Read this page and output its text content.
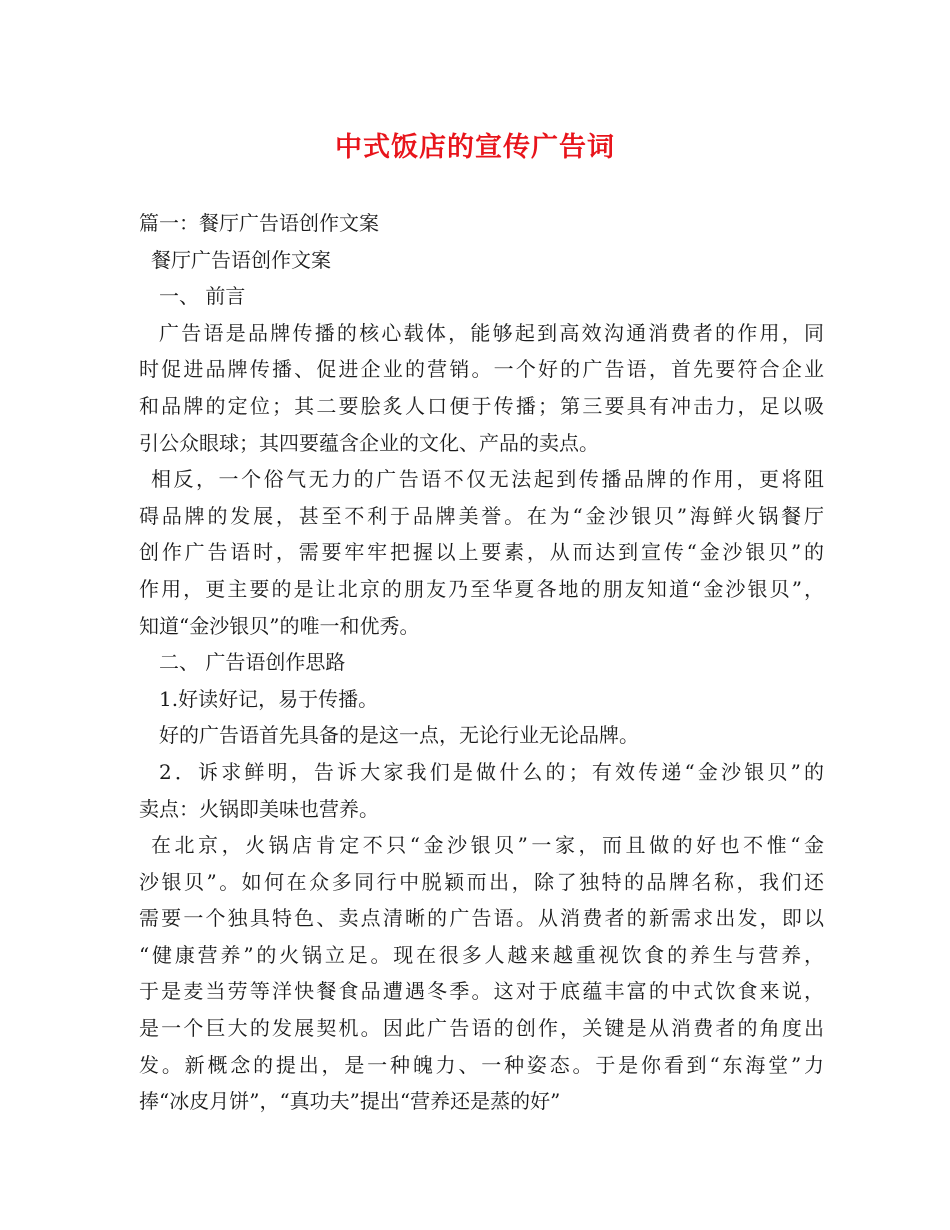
中式饭店的宣传广告词
篇一：餐厅广告语创作文案
餐厅广告语创作文案
一、 前言
广告语是品牌传播的核心载体，能够起到高效沟通消费者的作用，同
时促进品牌传播、促进企业的营销。一个好的广告语，首先要符合企业
和品牌的定位；其二要脍炙人口便于传播；第三要具有冲击力，足以吸
引公众眼球；其四要蕴含企业的文化、产品的卖点。
相反，一个俗气无力的广告语不仅无法起到传播品牌的作用，更将阻
碍品牌的发展，甚至不利于品牌美誉。在为“金沙银贝”海鲜火锅餐厅
创作广告语时，需要牢牢把握以上要素，从而达到宣传“金沙银贝”的
作用，更主要的是让北京的朋友乃至华夏各地的朋友知道“金沙银贝”，
知道“金沙银贝”的唯一和优秀。
二、 广告语创作思路
1.好读好记，易于传播。
好的广告语首先具备的是这一点，无论行业无论品牌。
2．诉求鲜明，告诉大家我们是做什么的；有效传递“金沙银贝”的
卖点：火锅即美味也营养。
在北京，火锅店肯定不只“金沙银贝”一家，而且做的好也不惟“金
沙银贝”。如何在众多同行中脱颖而出，除了独特的品牌名称，我们还
需要一个独具特色、卖点清晰的广告语。从消费者的新需求出发，即以
“健康营养”的火锅立足。现在很多人越来越重视饮食的养生与营养，
于是麦当劳等洋快餐食品遭遇冬季。这对于底蕴丰富的中式饮食来说，
是一个巨大的发展契机。因此广告语的创作，关键是从消费者的角度出
发。新概念的提出，是一种魄力、一种姿态。于是你看到“东海堂”力
捧“冰皮月饼”，“真功夫”提出“营养还是蒸的好”
